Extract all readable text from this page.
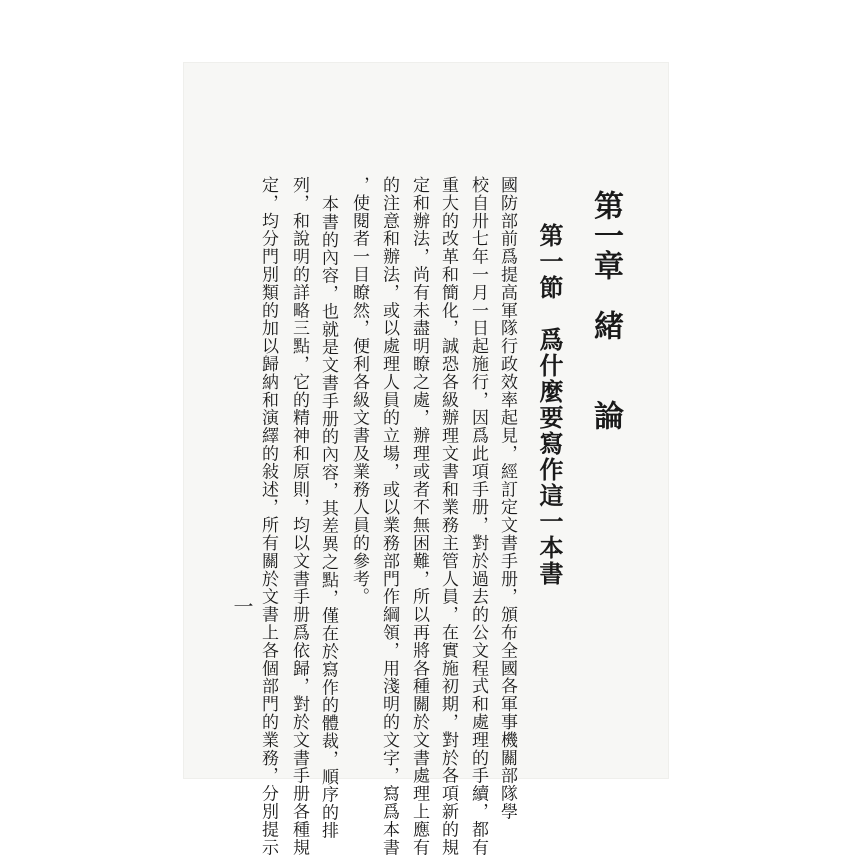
第一章　緒　　論
第一節　爲什麼要寫作這一本書
國防部前爲提高軍隊行政效率起見，經訂定文書手册，頒布全國各軍事機關部隊學
校自卅七年一月一日起施行，因爲此項手册，對於過去的公文程式和處理的手續，都有
重大的改革和簡化，誠恐各級辦理文書和業務主管人員，在實施初期，對於各項新的規
定和辦法，尚有未盡明瞭之處，辦理或者不無困難，所以再將各種關於文書處理上應有
的注意和辦法，或以處理人員的立場，或以業務部門作綱領，用淺明的文字，寫爲本書
，使閱者一目瞭然，便利各級文書及業務人員的參考。
本書的內容，也就是文書手册的內容，其差異之點，僅在於寫作的體裁，順序的排
列，和說明的詳略三點，它的精神和原則，均以文書手册爲依歸，對於文書手册各種規
定，均分門別類的加以歸納和演繹的敍述，所有關於文書上各個部門的業務，分別提示
一
